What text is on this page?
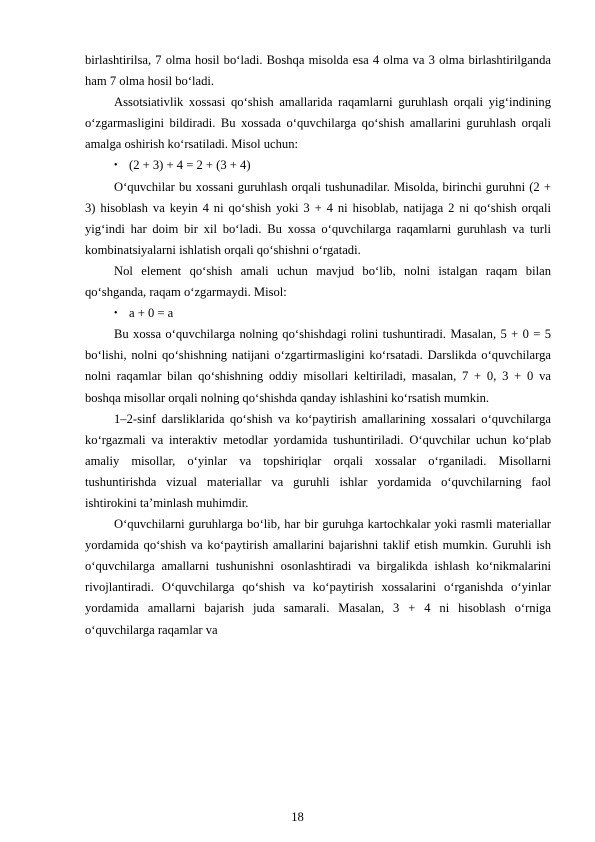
birlashtirilsa, 7 olma hosil bo‘ladi. Boshqa misolda esa 4 olma va 3 olma birlashtirilganda ham 7 olma hosil bo‘ladi.

Assotsiativlik xossasi qo‘shish amallarida raqamlarni guruhlash orqali yig‘indining o‘zgarmasligini bildiradi. Bu xossada o‘quvchilarga qo‘shish amallarini guruhlash orqali amalga oshirish ko‘rsatiladi. Misol uchun:

• (2 + 3) + 4 = 2 + (3 + 4)

O‘quvchilar bu xossani guruhlash orqali tushunadilar. Misolda, birinchi guruhni (2 + 3) hisoblash va keyin 4 ni qo‘shish yoki 3 + 4 ni hisoblab, natijaga 2 ni qo‘shish orqali yig‘indi har doim bir xil bo‘ladi. Bu xossa o‘quvchilarga raqamlarni guruhlash va turli kombinatsiyalarni ishlatish orqali qo‘shishni o‘rgatadi.

Nol element qo‘shish amali uchun mavjud bo‘lib, nolni istalgan raqam bilan qo‘shganda, raqam o‘zgarmaydi. Misol:

• a + 0 = a

Bu xossa o‘quvchilarga nolning qo‘shishdagi rolini tushuntiradi. Masalan, 5 + 0 = 5 bo‘lishi, nolni qo‘shishning natijani o‘zgartirmasligini ko‘rsatadi. Darslikda o‘quvchilarga nolni raqamlar bilan qo‘shishning oddiy misollari keltiriladi, masalan, 7 + 0, 3 + 0 va boshqa misollar orqali nolning qo‘shishda qanday ishlashini ko‘rsatish mumkin.

1–2-sinf darsliklarida qo‘shish va ko‘paytirish amallarining xossalari o‘quvchilarga ko‘rgazmali va interaktiv metodlar yordamida tushuntiriladi. O‘quvchilar uchun ko‘plab amaliy misollar, o‘yinlar va topshiriqlar orqali xossalar o‘rganiladi. Misollarni tushuntirishda vizual materiallar va guruhli ishlar yordamida o‘quvchilarning faol ishtirokini ta’minlash muhimdir.

O‘quvchilarni guruhlarga bo‘lib, har bir guruhga kartochkalar yoki rasmli materiallar yordamida qo‘shish va ko‘paytirish amallarini bajarishni taklif etish mumkin. Guruhli ish o‘quvchilarga amallarni tushunishni osonlashtiradi va birgalikda ishlash ko‘nikmalarini rivojlantiradi. O‘quvchilarga qo‘shish va ko‘paytirish xossalarini o‘rganishda o‘yinlar yordamida amallarni bajarish juda samarali. Masalan, 3 + 4 ni hisoblash o‘rniga o‘quvchilarga raqamlar va

18
